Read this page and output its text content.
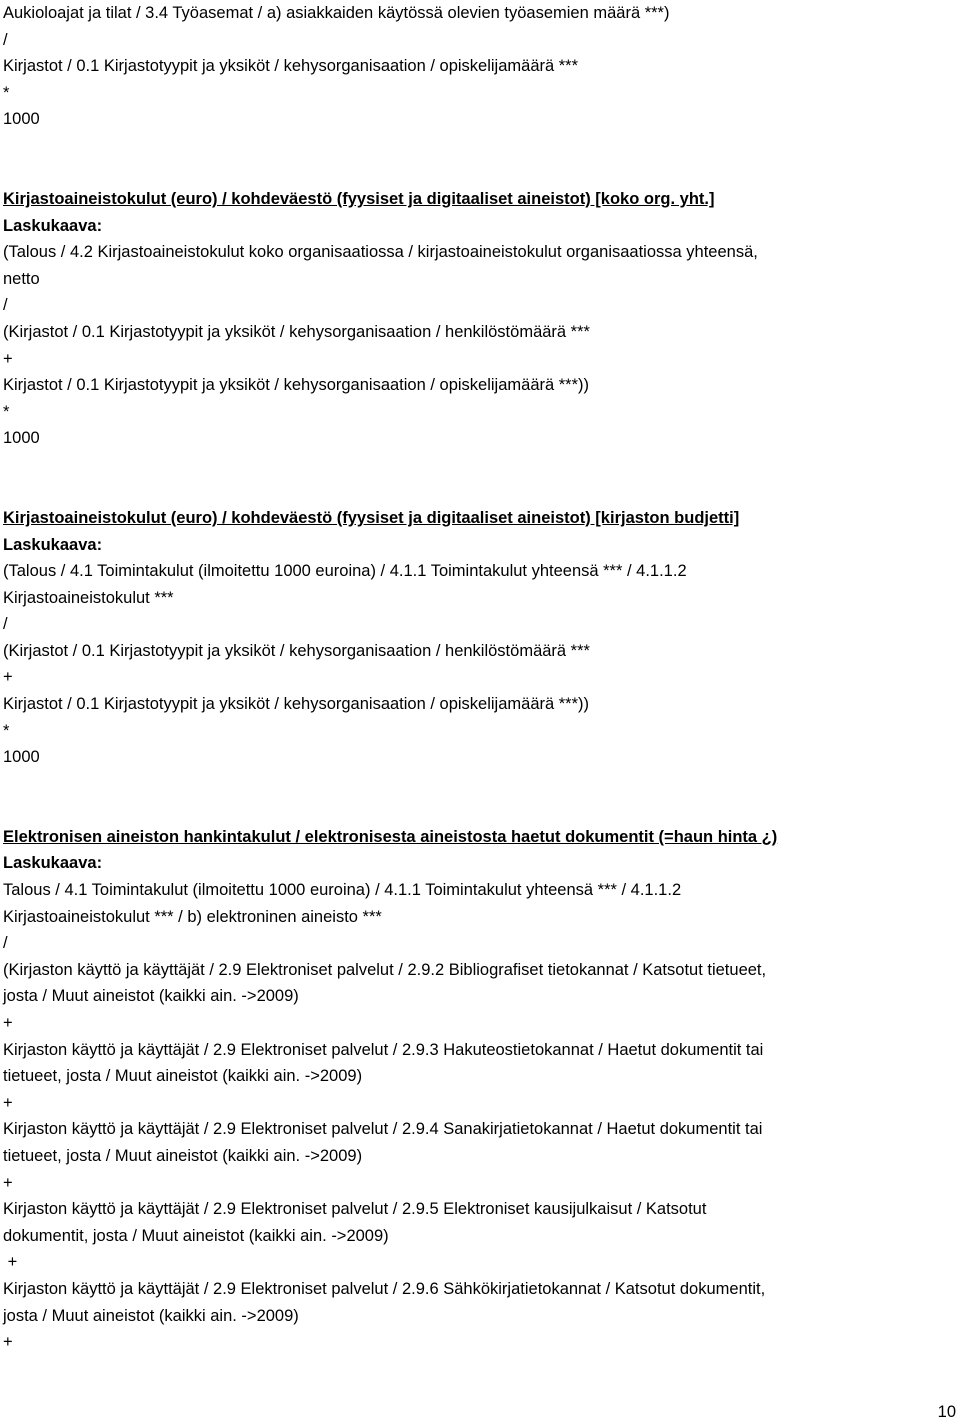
Aukioloajat ja tilat / 3.4 Työasemat / a) asiakkaiden käytössä olevien työasemien määrä ***)
/
Kirjastot / 0.1 Kirjastotyypit ja yksiköt / kehysorganisaation / opiskelijamäärä ***
*
1000
Kirjastoaineistokulut (euro) / kohdeväestö (fyysiset ja digitaaliset aineistot) [koko org. yht.]
Laskukaava:
(Talous / 4.2 Kirjastoaineistokulut koko organisaatiossa / kirjastoaineistokulut organisaatiossa yhteensä,
netto
/
(Kirjastot / 0.1 Kirjastotyypit ja yksiköt / kehysorganisaation / henkilöstömäärä ***
+
Kirjastot / 0.1 Kirjastotyypit ja yksiköt / kehysorganisaation / opiskelijamäärä ***))
*
1000
Kirjastoaineistokulut (euro) / kohdeväestö (fyysiset ja digitaaliset aineistot) [kirjaston budjetti]
Laskukaava:
(Talous / 4.1 Toimintakulut (ilmoitettu 1000 euroina) / 4.1.1 Toimintakulut yhteensä *** / 4.1.1.2
Kirjastoaineistokulut ***
/
(Kirjastot / 0.1 Kirjastotyypit ja yksiköt / kehysorganisaation / henkilöstömäärä ***
+
Kirjastot / 0.1 Kirjastotyypit ja yksiköt / kehysorganisaation / opiskelijamäärä ***))
*
1000
Elektronisen aineiston hankintakulut / elektronisesta aineistosta haetut dokumentit (=haun hinta ¿)
Laskukaava:
Talous / 4.1 Toimintakulut (ilmoitettu 1000 euroina) / 4.1.1 Toimintakulut yhteensä *** / 4.1.1.2
Kirjastoaineistokulut *** / b) elektroninen aineisto ***
/
(Kirjaston käyttö ja käyttäjät / 2.9 Elektroniset palvelut / 2.9.2 Bibliografiset tietokannat / Katsotut tietueet,
josta / Muut aineistot (kaikki ain. ->2009)
+
Kirjaston käyttö ja käyttäjät / 2.9 Elektroniset palvelut / 2.9.3 Hakuteostietokannat / Haetut dokumentit tai
tietueet, josta / Muut aineistot (kaikki ain. ->2009)
+
Kirjaston käyttö ja käyttäjät / 2.9 Elektroniset palvelut / 2.9.4 Sanakirjatietokannat / Haetut dokumentit tai
tietueet, josta / Muut aineistot (kaikki ain. ->2009)
+
Kirjaston käyttö ja käyttäjät / 2.9 Elektroniset palvelut / 2.9.5 Elektroniset kausijulkaisut / Katsotut
dokumentit, josta / Muut aineistot (kaikki ain. ->2009)
+
Kirjaston käyttö ja käyttäjät / 2.9 Elektroniset palvelut / 2.9.6 Sähkökirjatietokannat / Katsotut dokumentit,
josta / Muut aineistot (kaikki ain. ->2009)
+
10
